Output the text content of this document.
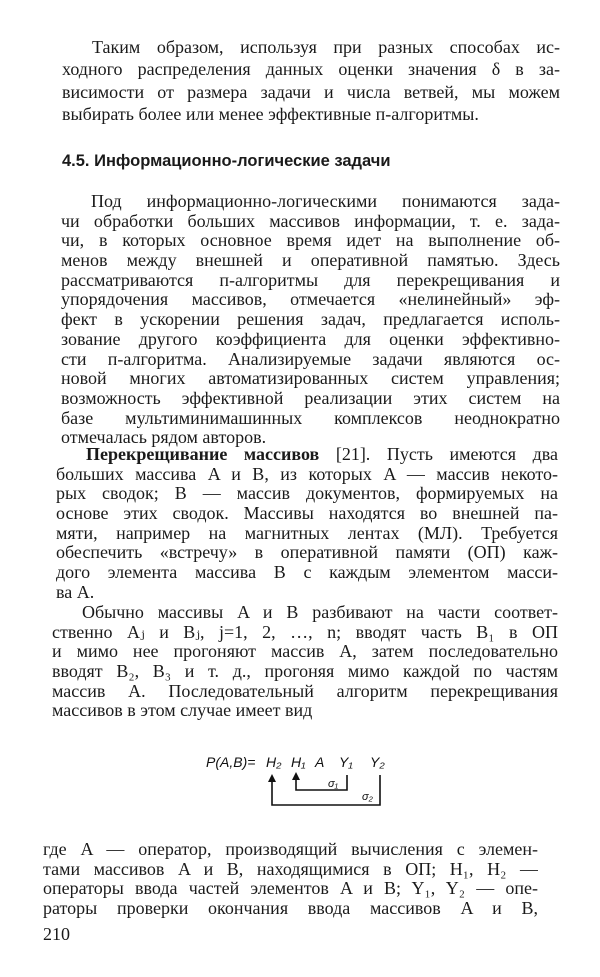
Таким образом, используя при разных способах ис-
ходного распределения данных оценки значения δ в за-
висимости от размера задачи и числа ветвей, мы можем
выбирать более или менее эффективные п-алгоритмы.
4.5. Информационно-логические задачи
Под информационно-логическими понимаются зада-
чи обработки больших массивов информации, т. е. зада-
чи, в которых основное время идет на выполнение об-
менов между внешней и оперативной памятью. Здесь
рассматриваются п-алгоритмы для перекрещивания и
упорядочения массивов, отмечается «нелинейный» эф-
фект в ускорении решения задач, предлагается исполь-
зование другого коэффициента для оценки эффективно-
сти п-алгоритма. Анализируемые задачи являются ос-
новой многих автоматизированных систем управления;
возможность эффективной реализации этих систем на
базе мультиминимашинных комплексов неоднократно
отмечалась рядом авторов.
Перекрещивание массивов [21]. Пусть имеются два
больших массива A и B, из которых A — массив некото-
рых сводок; B — массив документов, формируемых на
основе этих сводок. Массивы находятся во внешней па-
мяти, например на магнитных лентах (МЛ). Требуется
обеспечить «встречу» в оперативной памяти (ОП) каж-
дого элемента массива B с каждым элементом масси-
ва A.
Обычно массивы A и B разбивают на части соответ-
ственно Aⱼ и Bⱼ, j=1, 2, …, n; вводят часть B₁ в ОП
и мимо нее прогоняют массив A, затем последовательно
вводят B₂, B₃ и т. д., прогоняя мимо каждой по частям
массив A. Последовательный алгоритм перекрещивания
массивов в этом случае имеет вид
P(A,B)= H₂ H₁ A Y₁ Y₂
σ₁
σ₂
где A — оператор, производящий вычисления с элемен-
тами массивов A и B, находящимися в ОП; H₁, H₂ —
операторы ввода частей элементов A и B; Y₁, Y₂ — опе-
раторы проверки окончания ввода массивов A и B,
210
